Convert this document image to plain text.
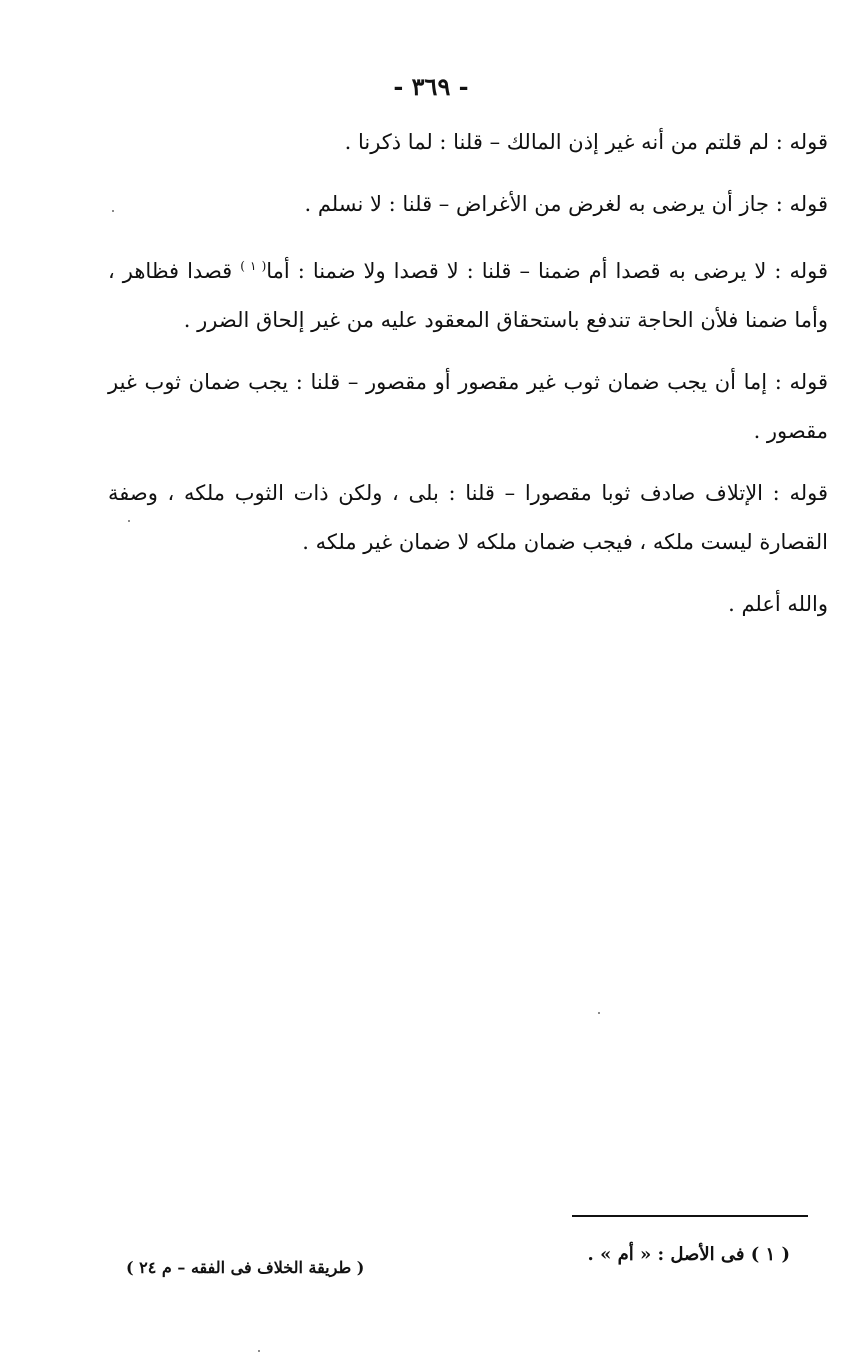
- ٣٦٩ -

قوله : لم قلتم من أنه غير إذن المالك – قلنا : لما ذكرنا .

قوله : جاز أن يرضى به لغرض من الأغراض – قلنا : لا نسلم .

قوله : لا يرضى به قصدا أم ضمنا – قلنا : لا قصدا ولا ضمنا : أما$^{( ١ )}$ قصدا فظاهر ، وأما ضمنا فلأن الحاجة تندفع باستحقاق المعقود عليه من غير إلحاق الضرر .

قوله : إما أن يجب ضمان ثوب غير مقصور أو مقصور – قلنا : يجب ضمان ثوب غير مقصور .

قوله : الإتلاف صادف ثوبا مقصورا – قلنا : بلى ، ولكن ذات الثوب ملكه ، وصفة القصارة ليست ملكه ، فيجب ضمان ملكه لا ضمان غير ملكه .

والله أعلم .

( ١ ) فى الأصل : « أم » .
( طريقة الخلاف فى الفقه – م ٢٤ )
